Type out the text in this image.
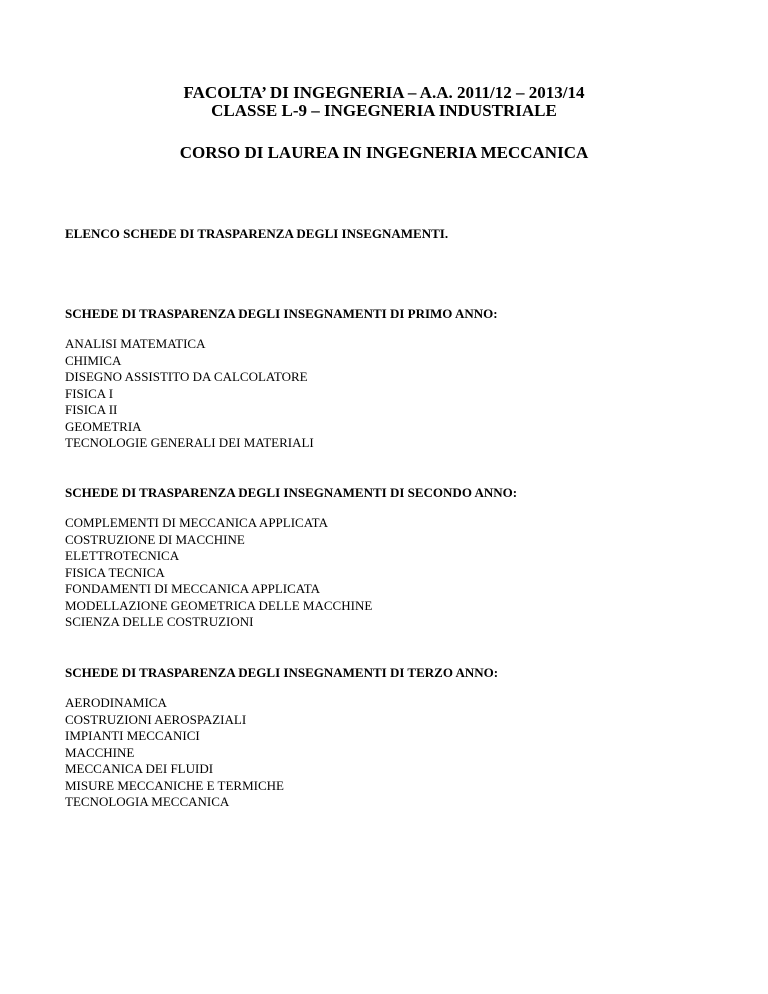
FACOLTA’ DI INGEGNERIA – A.A. 2011/12 – 2013/14
CLASSE L-9 – INGEGNERIA INDUSTRIALE
CORSO DI LAUREA IN INGEGNERIA MECCANICA
ELENCO SCHEDE DI TRASPARENZA DEGLI INSEGNAMENTI.
SCHEDE DI TRASPARENZA DEGLI INSEGNAMENTI DI PRIMO ANNO:
ANALISI MATEMATICA
CHIMICA
DISEGNO ASSISTITO DA CALCOLATORE
FISICA I
FISICA II
GEOMETRIA
TECNOLOGIE GENERALI DEI MATERIALI
SCHEDE DI TRASPARENZA DEGLI INSEGNAMENTI DI SECONDO ANNO:
COMPLEMENTI DI MECCANICA APPLICATA
COSTRUZIONE DI MACCHINE
ELETTROTECNICA
FISICA TECNICA
FONDAMENTI DI MECCANICA APPLICATA
MODELLAZIONE GEOMETRICA DELLE MACCHINE
SCIENZA DELLE COSTRUZIONI
SCHEDE DI TRASPARENZA DEGLI INSEGNAMENTI DI TERZO ANNO:
AERODINAMICA
COSTRUZIONI AEROSPAZIALI
IMPIANTI MECCANICI
MACCHINE
MECCANICA DEI FLUIDI
MISURE MECCANICHE E TERMICHE
TECNOLOGIA MECCANICA
